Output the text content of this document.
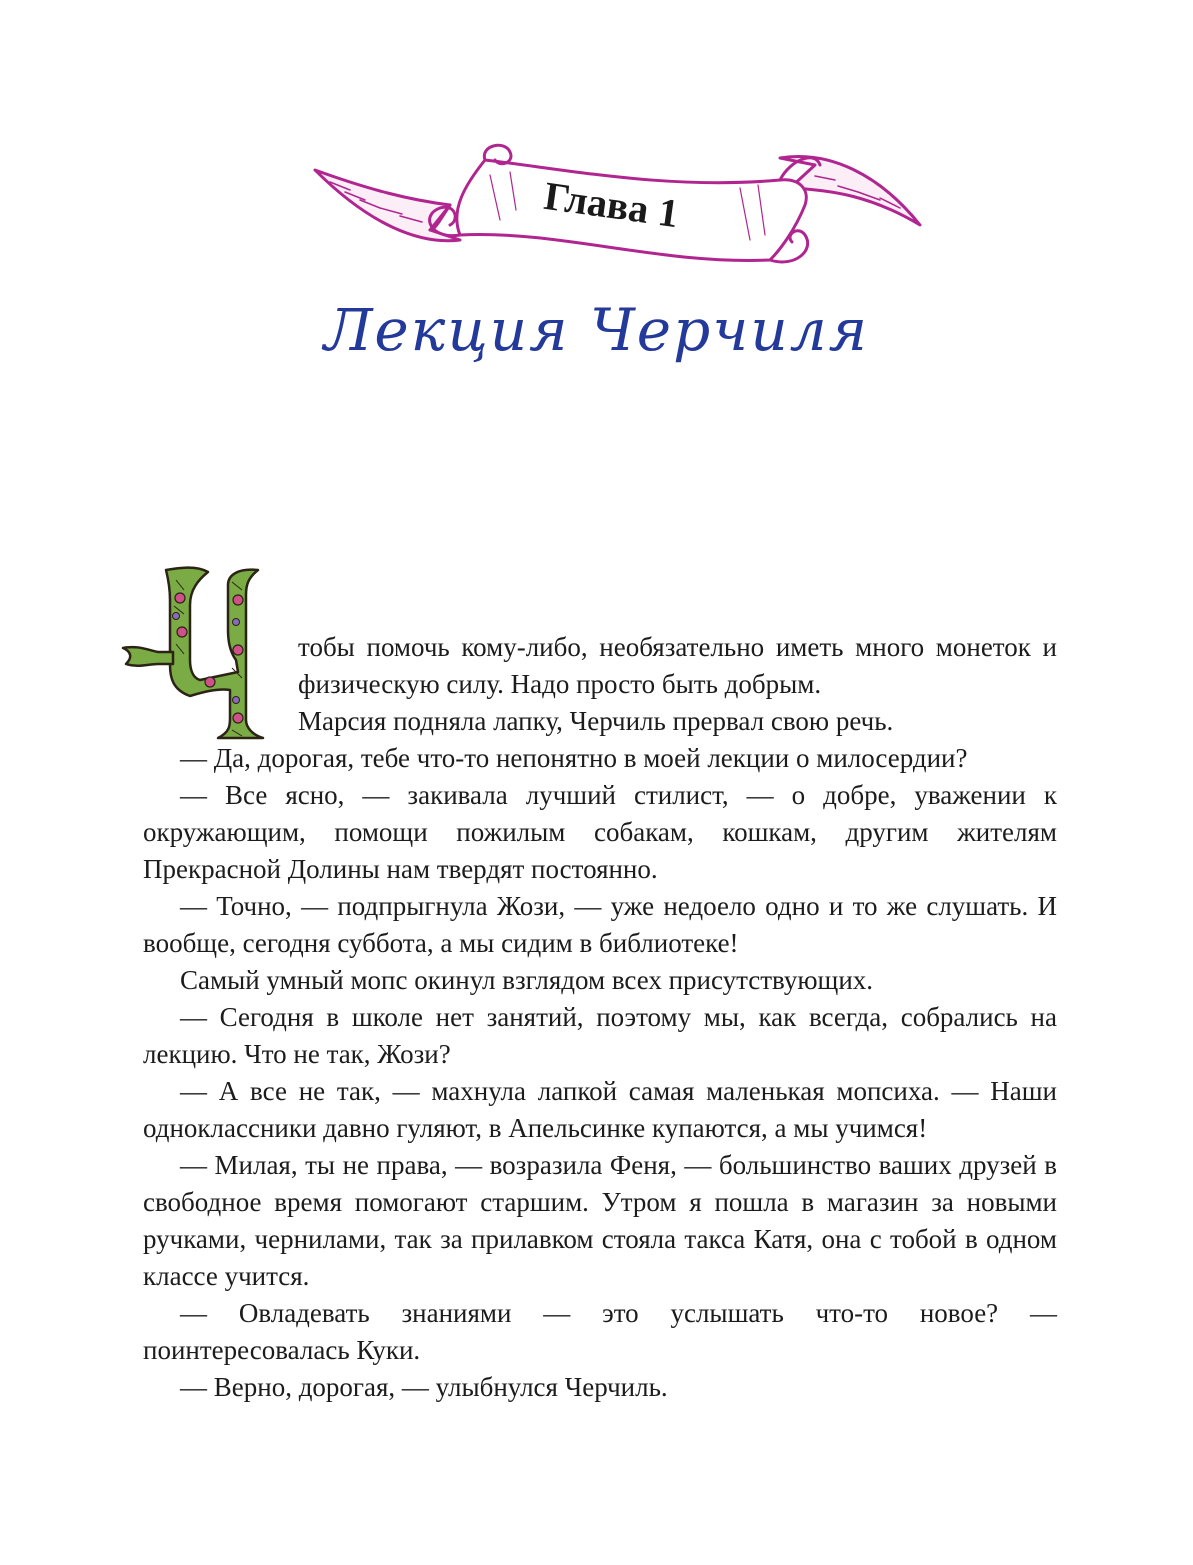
Глава 1
Лекция Черчиля

тобы помочь кому-либо, необязательно иметь много монеток и физическую силу. Надо просто быть добрым.

Марсия подняла лапку, Черчиль прервал свою речь.

— Да, дорогая, тебе что-то непонятно в моей лекции о милосердии?

— Все ясно, — закивала лучший стилист, — о добре, уважении к окружающим, помощи пожилым собакам, кошкам, другим жителям Прекрасной Долины нам твердят постоянно.

— Точно, — подпрыгнула Жози, — уже недоело одно и то же слушать. И вообще, сегодня суббота, а мы сидим в библиотеке!

Самый умный мопс окинул взглядом всех присутствующих.

— Сегодня в школе нет занятий, поэтому мы, как всегда, собрались на лекцию. Что не так, Жози?

— А все не так, — махнула лапкой самая маленькая мопсиха. — Наши одноклассники давно гуляют, в Апельсинке купаются, а мы учимся!

— Милая, ты не права, — возразила Феня, — большинство ваших друзей в свободное время помогают старшим. Утром я пошла в магазин за новыми ручками, чернилами, так за прилавком стояла такса Катя, она с тобой в одном классе учится.

— Овладевать знаниями — это услышать что-то новое? — поинтересовалась Куки.

— Верно, дорогая, — улыбнулся Черчиль.
